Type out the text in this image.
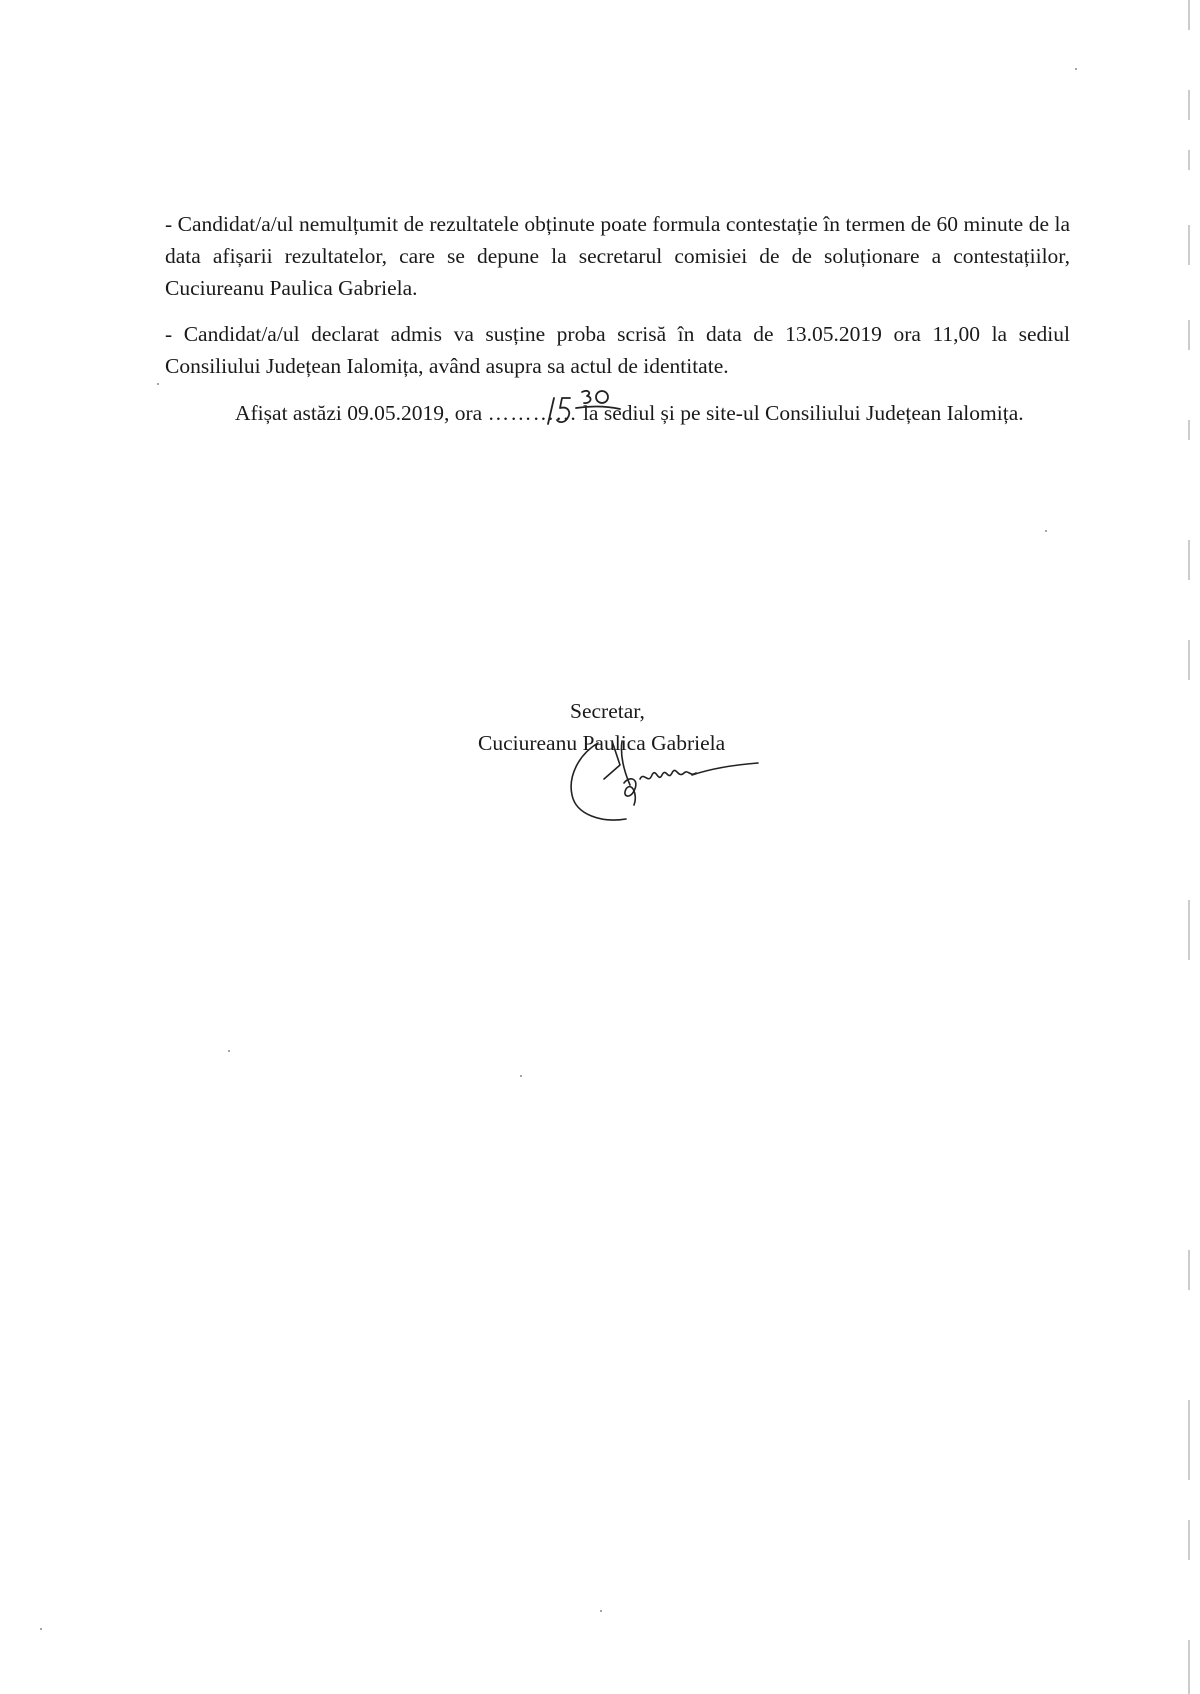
- Candidat/a/ul nemulțumit de rezultatele obținute poate formula contestație în termen de 60 minute de la data afișarii rezultatelor, care se depune la secretarul comisiei de de soluționare a contestațiilor, Cuciureanu Paulica Gabriela.

- Candidat/a/ul declarat admis va susține proba scrisă în data de 13.05.2019 ora 11,00 la sediul Consiliului Județean Ialomița, având asupra sa actul de identitate.

Afișat astăzi 09.05.2019, ora ………… la sediul și pe site-ul Consiliului Județean Ialomița.

Secretar,
Cuciureanu Paulica Gabriela
